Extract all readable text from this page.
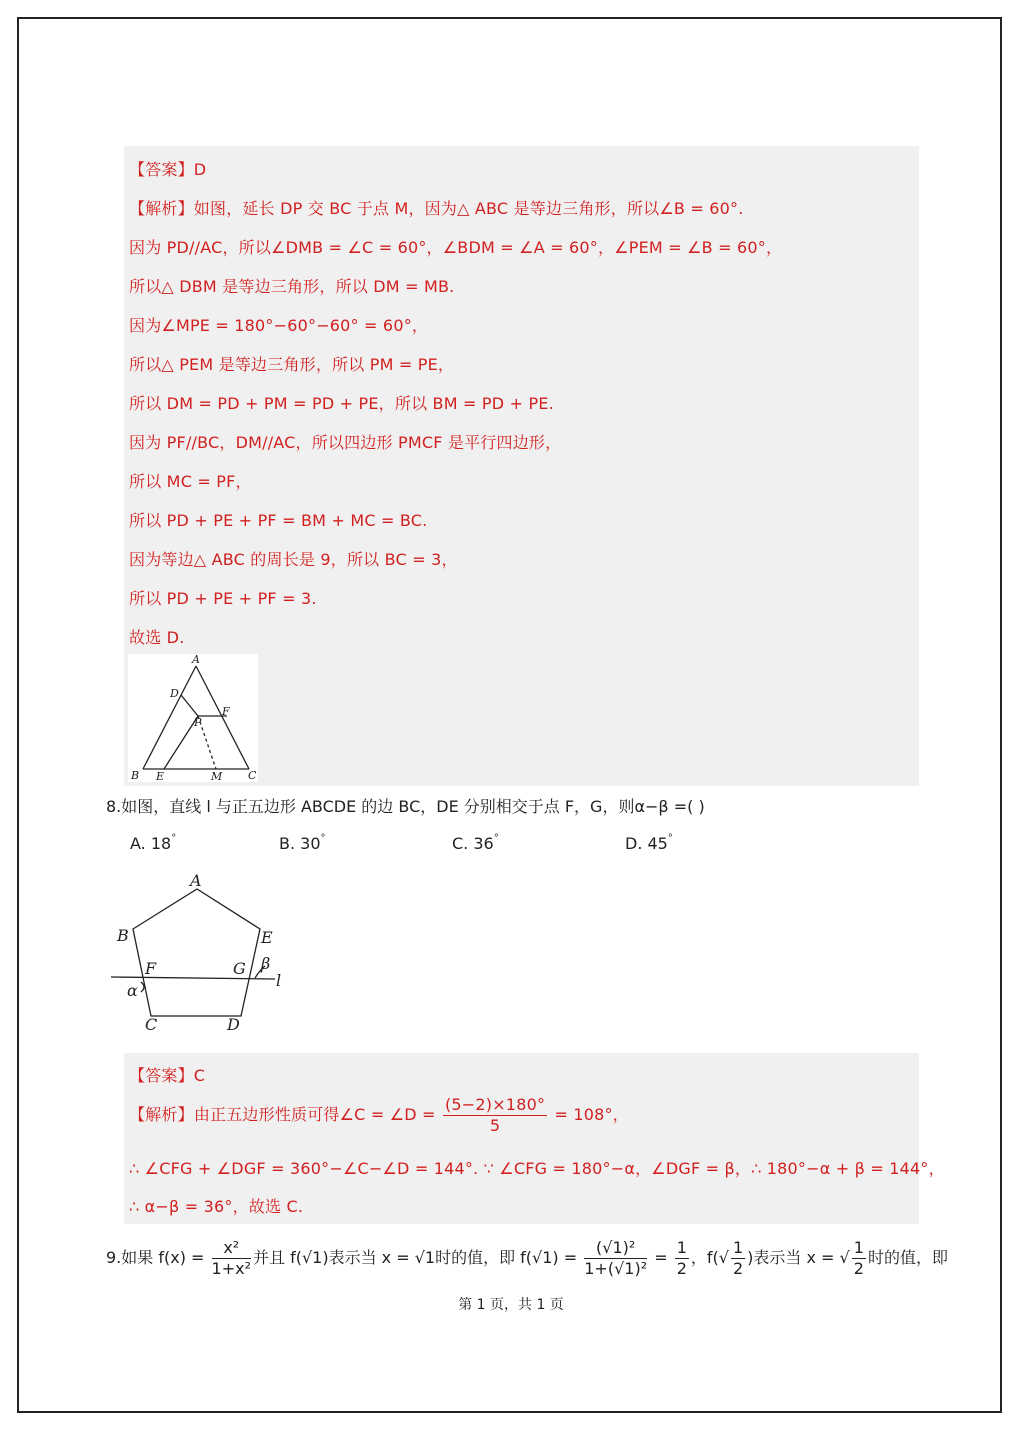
【答案】D
【解析】如图，延长 DP 交 BC 于点 M，因为△ ABC 是等边三角形，所以∠B = 60°.
因为 PD//AC，所以∠DMB = ∠C = 60°，∠BDM = ∠A = 60°，∠PEM = ∠B = 60°，
所以△ DBM 是等边三角形，所以 DM = MB.
因为∠MPE = 180°−60°−60° = 60°，
所以△ PEM 是等边三角形，所以 PM = PE，
所以 DM = PD + PM = PD + PE，所以 BM = PD + PE.
因为 PF//BC，DM//AC，所以四边形 PMCF 是平行四边形，
所以 MC = PF，
所以 PD + PE + PF = BM + MC = BC.
因为等边△ ABC 的周长是 9，所以 BC = 3，
所以 PD + PE + PF = 3.
故选 D.
A
B	C
D
E
F
P
M
8.如图，直线 l 与正五边形 ABCDE 的边 BC，DE 分别相交于点 F，G，则α−β =( )
A. 18°	B. 30°	C. 36°	D. 45°
A
B	E
F	G β
l
α
C	D
【答案】C
【解析】由正五边形性质可得∠C = ∠D = $\frac{(5-2)\times 180^\circ}{5} = 108^\circ$，
∴ ∠CFG + ∠DGF = 360°−∠C−∠D = 144°. ∵ ∠CFG = 180°−α，∠DGF = β，∴ 180°−α + β = 144°，
∴ α−β = 36°，故选 C.
9.如果 $f(x) = \frac{\text{x²}}{\text{1+x²}}$ 并且 f(√1)表示当 x = √1时的值，即 $f(√1) = \frac{\text{(√1)²}}{\text{1+(√1)²}} = \frac{1}{2}$ ，$f(√ \frac{1}{2}$ )表示当 x = √ $\frac{1}{2}$ 时的值，即
第 1 页，共 1 页
